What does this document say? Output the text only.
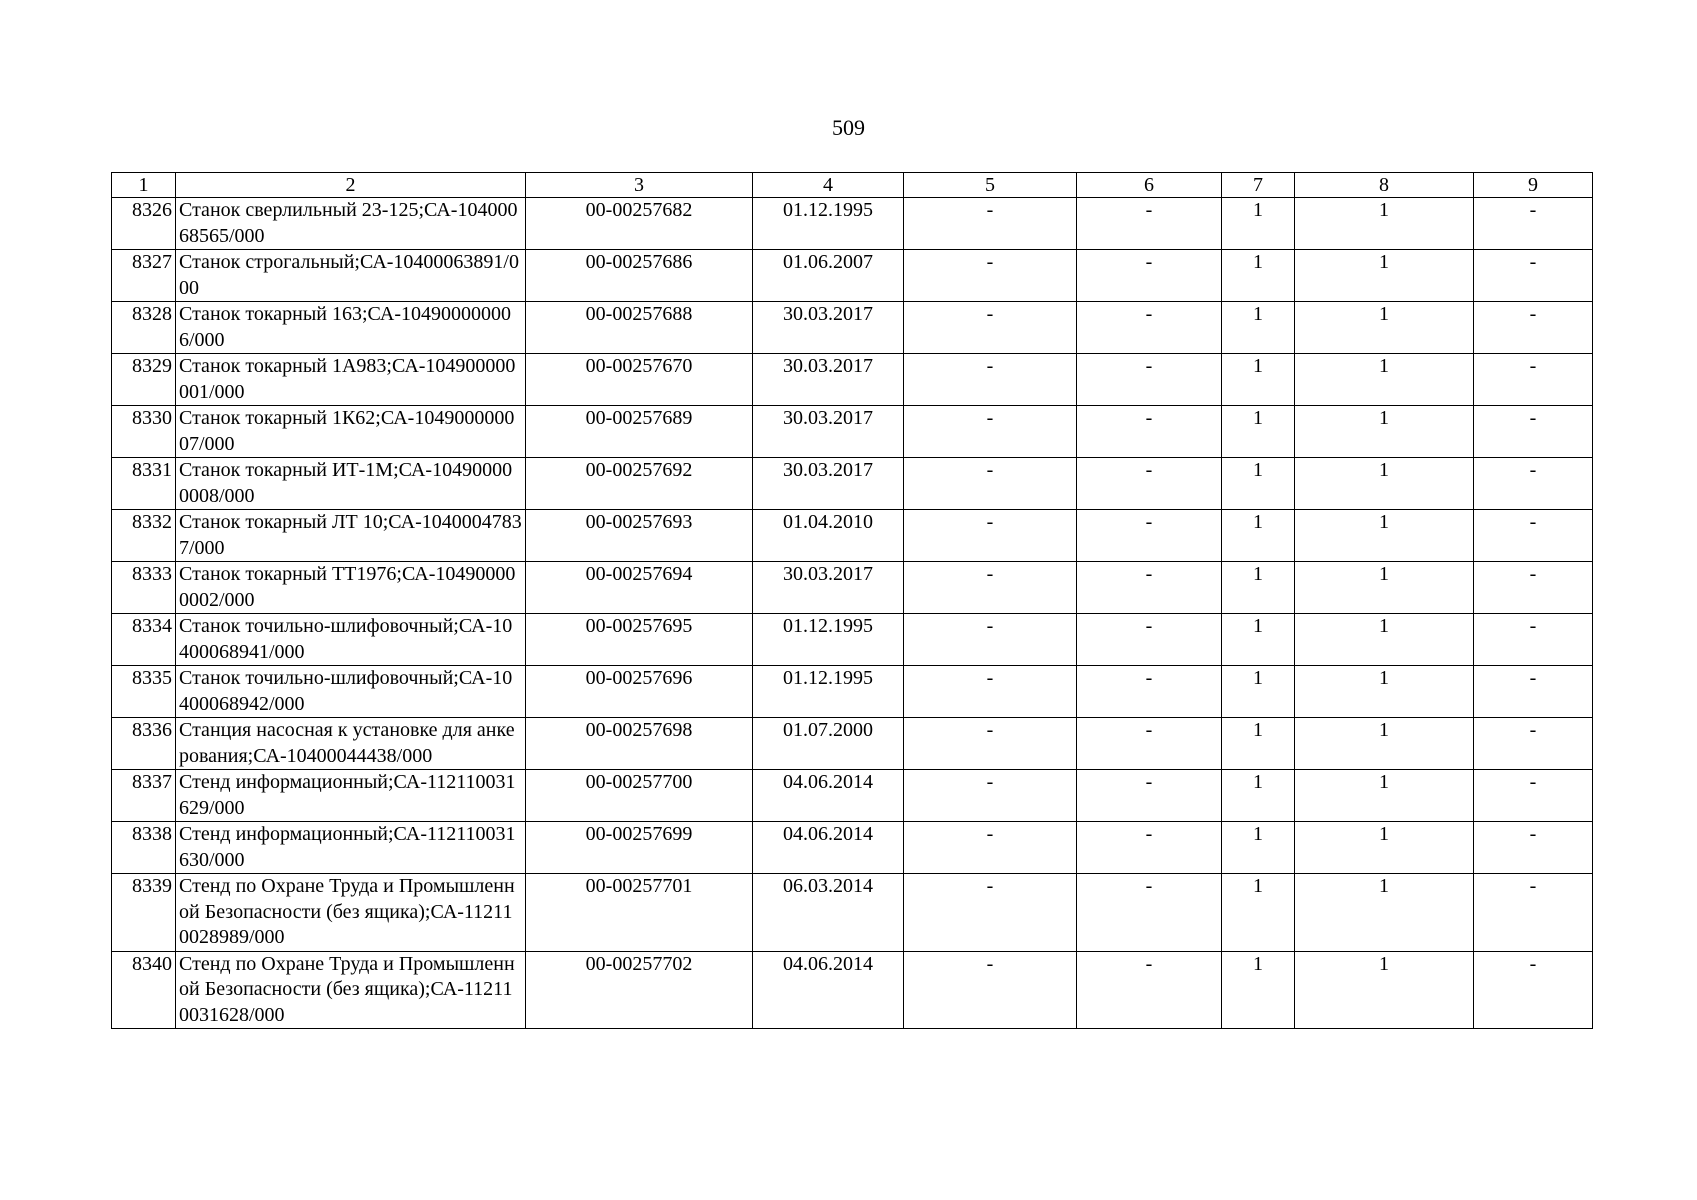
509
1	2	3	4	5	6	7	8	9
8326	Станок сверлильный 23-125;СА-10400068565/000	00-00257682	01.12.1995	-	-	1	1	-
8327	Станок строгальный;СА-10400063891/000	00-00257686	01.06.2007	-	-	1	1	-
8328	Станок токарный 163;СА-104900000006/000	00-00257688	30.03.2017	-	-	1	1	-
8329	Станок токарный 1А983;СА-104900000001/000	00-00257670	30.03.2017	-	-	1	1	-
8330	Станок токарный 1К62;СА-104900000007/000	00-00257689	30.03.2017	-	-	1	1	-
8331	Станок токарный ИТ-1М;СА-104900000008/000	00-00257692	30.03.2017	-	-	1	1	-
8332	Станок токарный ЛТ 10;СА-10400047837/000	00-00257693	01.04.2010	-	-	1	1	-
8333	Станок токарный ТТ1976;СА-104900000002/000	00-00257694	30.03.2017	-	-	1	1	-
8334	Станок точильно-шлифовочный;СА-10400068941/000	00-00257695	01.12.1995	-	-	1	1	-
8335	Станок точильно-шлифовочный;СА-10400068942/000	00-00257696	01.12.1995	-	-	1	1	-
8336	Станция насосная к установке для анкерования;СА-10400044438/000	00-00257698	01.07.2000	-	-	1	1	-
8337	Стенд информационный;СА-112110031629/000	00-00257700	04.06.2014	-	-	1	1	-
8338	Стенд информационный;СА-112110031630/000	00-00257699	04.06.2014	-	-	1	1	-
8339	Стенд по Охране Труда и Промышленной Безопасности (без ящика);СА-112110028989/000	00-00257701	06.03.2014	-	-	1	1	-
8340	Стенд по Охране Труда и Промышленной Безопасности (без ящика);СА-112110031628/000	00-00257702	04.06.2014	-	-	1	1	-
